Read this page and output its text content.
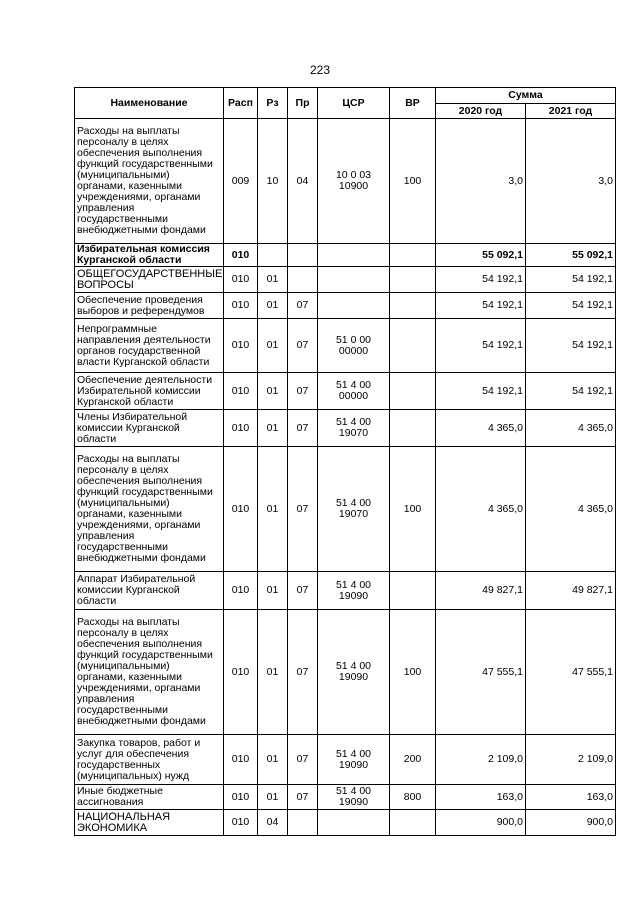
223
Наименование	Расп	Рз	Пр	ЦСР	ВР	Сумма	
						2020 год	2021 год
Расходы на выплаты персоналу в целях обеспечения выполнения функций государственными (муниципальными) органами, казенными учреждениями, органами управления государственными внебюджетными фондами	009	10	04	10 0 03 10900	100	3,0	3,0
Избирательная комиссия Курганской области	010					55 092,1	55 092,1
ОБЩЕГОСУДАРСТВЕННЫЕ ВОПРОСЫ	010	01				54 192,1	54 192,1
Обеспечение проведения выборов и референдумов	010	01	07			54 192,1	54 192,1
Непрограммные направления деятельности органов государственной власти Курганской области	010	01	07	51 0 00 00000		54 192,1	54 192,1
Обеспечение деятельности Избирательной комиссии Курганской области	010	01	07	51 4 00 00000		54 192,1	54 192,1
Члены Избирательной комиссии Курганской области	010	01	07	51 4 00 19070		4 365,0	4 365,0
Расходы на выплаты персоналу в целях обеспечения выполнения функций государственными (муниципальными) органами, казенными учреждениями, органами управления государственными внебюджетными фондами	010	01	07	51 4 00 19070	100	4 365,0	4 365,0
Аппарат Избирательной комиссии Курганской области	010	01	07	51 4 00 19090		49 827,1	49 827,1
Расходы на выплаты персоналу в целях обеспечения выполнения функций государственными (муниципальными) органами, казенными учреждениями, органами управления государственными внебюджетными фондами	010	01	07	51 4 00 19090	100	47 555,1	47 555,1
Закупка товаров, работ и услуг для обеспечения государственных (муниципальных) нужд	010	01	07	51 4 00 19090	200	2 109,0	2 109,0
Иные бюджетные ассигнования	010	01	07	51 4 00 19090	800	163,0	163,0
НАЦИОНАЛЬНАЯ ЭКОНОМИКА	010	04				900,0	900,0
